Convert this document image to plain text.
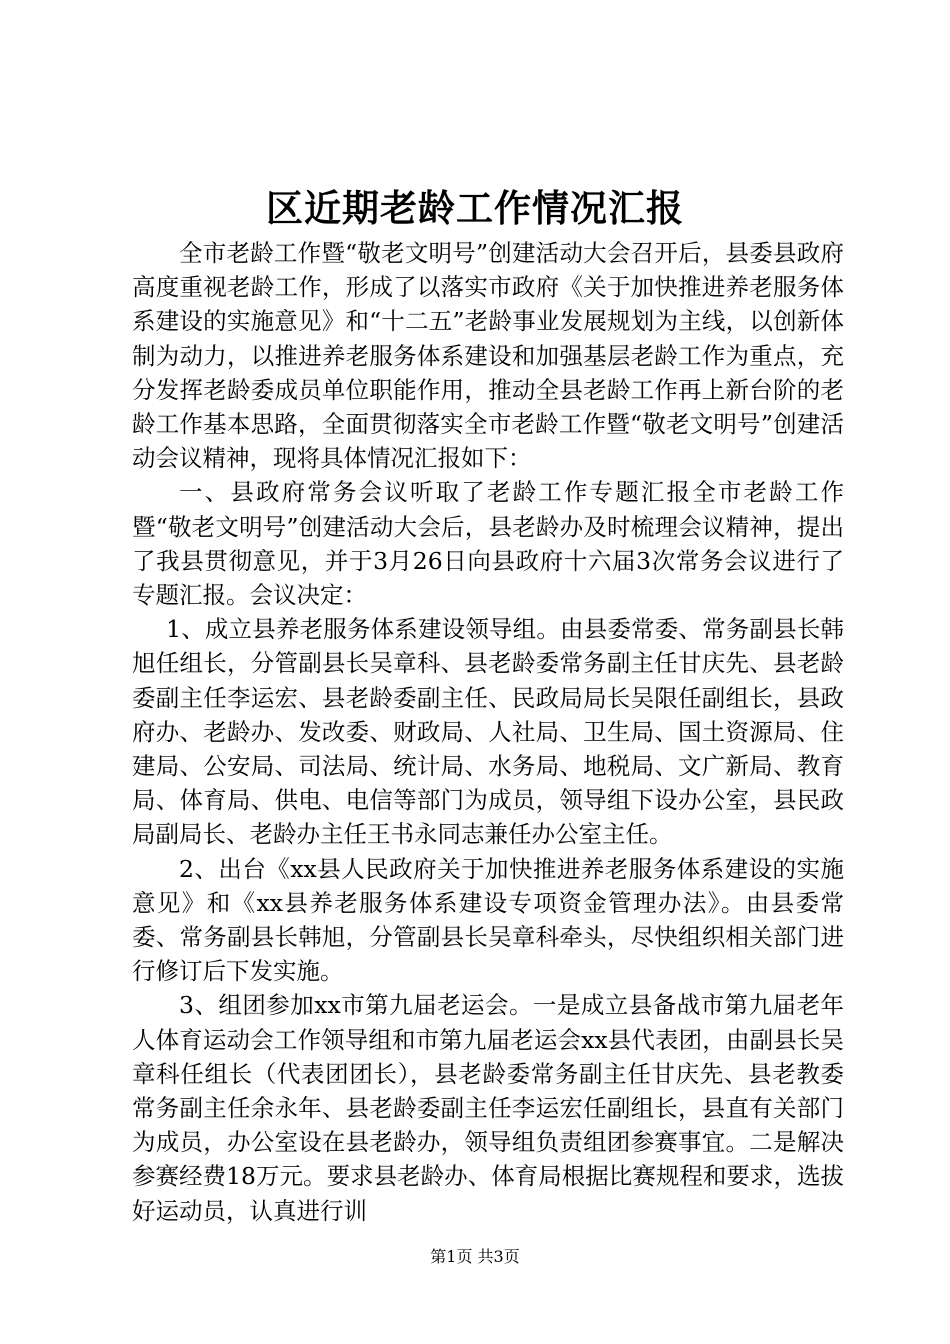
区近期老龄工作情况汇报

全市老龄工作暨“敬老文明号”创建活动大会召开后，县委县政府高度重视老龄工作，形成了以落实市政府《关于加快推进养老服务体系建设的实施意见》和“十二五”老龄事业发展规划为主线，以创新体制为动力，以推进养老服务体系建设和加强基层老龄工作为重点，充分发挥老龄委成员单位职能作用，推动全县老龄工作再上新台阶的老龄工作基本思路，全面贯彻落实全市老龄工作暨“敬老文明号”创建活动会议精神，现将具体情况汇报如下：

一、县政府常务会议听取了老龄工作专题汇报全市老龄工作暨“敬老文明号”创建活动大会后，县老龄办及时梳理会议精神，提出了我县贯彻意见，并于3月26日向县政府十六届3次常务会议进行了专题汇报。会议决定：

1、成立县养老服务体系建设领导组。由县委常委、常务副县长韩旭任组长，分管副县长吴章科、县老龄委常务副主任甘庆先、县老龄委副主任李运宏、县老龄委副主任、民政局局长吴限任副组长，县政府办、老龄办、发改委、财政局、人社局、卫生局、国土资源局、住建局、公安局、司法局、统计局、水务局、地税局、文广新局、教育局、体育局、供电、电信等部门为成员，领导组下设办公室，县民政局副局长、老龄办主任王书永同志兼任办公室主任。

2、出台《xx县人民政府关于加快推进养老服务体系建设的实施意见》和《xx县养老服务体系建设专项资金管理办法》。由县委常委、常务副县长韩旭，分管副县长吴章科牵头，尽快组织相关部门进行修订后下发实施。

3、组团参加xx市第九届老运会。一是成立县备战市第九届老年人体育运动会工作领导组和市第九届老运会xx县代表团，由副县长吴章科任组长（代表团团长），县老龄委常务副主任甘庆先、县老教委常务副主任余永年、县老龄委副主任李运宏任副组长，县直有关部门为成员，办公室设在县老龄办，领导组负责组团参赛事宜。二是解决参赛经费18万元。要求县老龄办、体育局根据比赛规程和要求，选拔好运动员，认真进行训

第1页 共3页
